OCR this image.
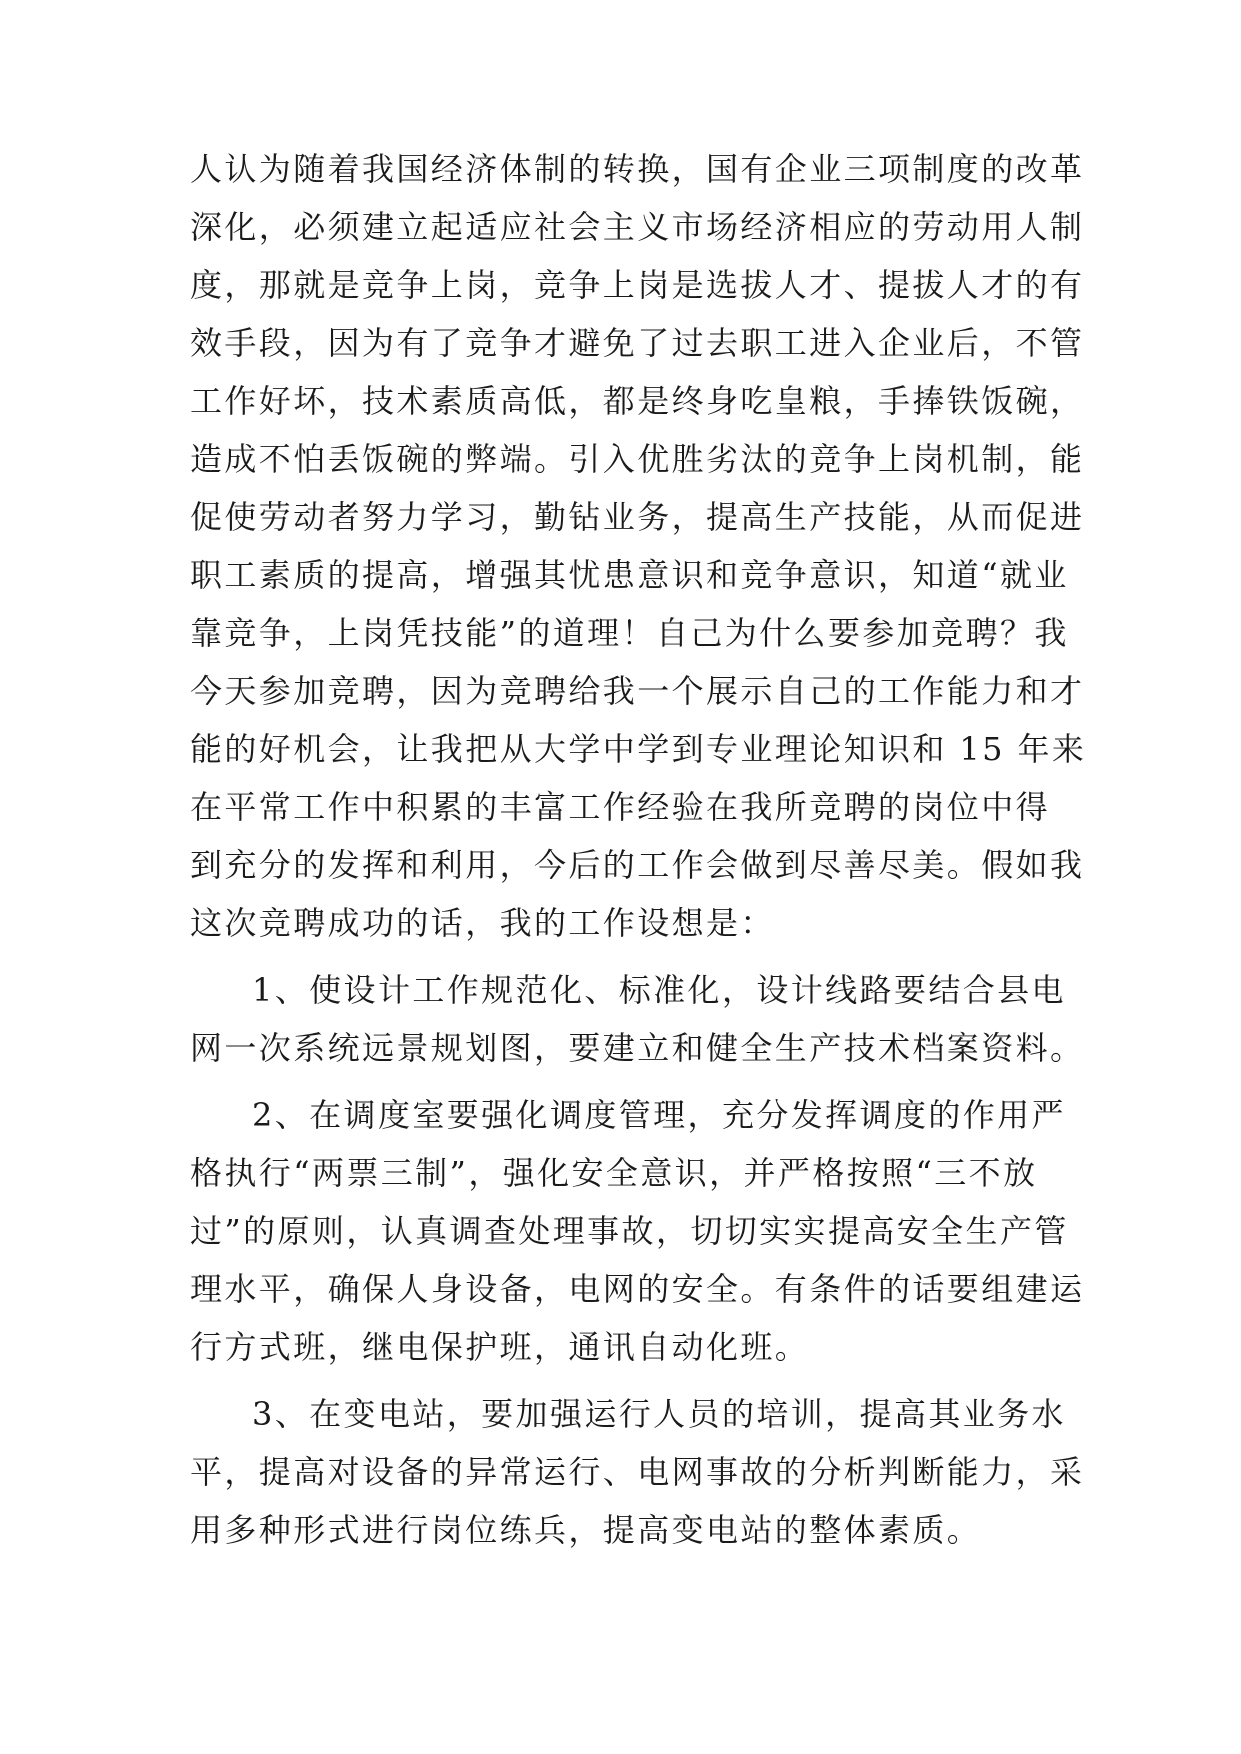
人认为随着我国经济体制的转换，国有企业三项制度的改革
深化，必须建立起适应社会主义市场经济相应的劳动用人制
度，那就是竞争上岗，竞争上岗是选拔人才、提拔人才的有
效手段，因为有了竞争才避免了过去职工进入企业后，不管
工作好坏，技术素质高低，都是终身吃皇粮，手捧铁饭碗，
造成不怕丢饭碗的弊端。引入优胜劣汰的竞争上岗机制，能
促使劳动者努力学习，勤钻业务，提高生产技能，从而促进
职工素质的提高，增强其忧患意识和竞争意识，知道“就业
靠竞争，上岗凭技能”的道理！自己为什么要参加竞聘？我
今天参加竞聘，因为竞聘给我一个展示自己的工作能力和才
能的好机会，让我把从大学中学到专业理论知识和 15 年来
在平常工作中积累的丰富工作经验在我所竞聘的岗位中得
到充分的发挥和利用，今后的工作会做到尽善尽美。假如我
这次竞聘成功的话，我的工作设想是：
1、使设计工作规范化、标准化，设计线路要结合县电
网一次系统远景规划图，要建立和健全生产技术档案资料。
2、在调度室要强化调度管理，充分发挥调度的作用严
格执行“两票三制”，强化安全意识，并严格按照“三不放
过”的原则，认真调查处理事故，切切实实提高安全生产管
理水平，确保人身设备，电网的安全。有条件的话要组建运
行方式班，继电保护班，通讯自动化班。
3、在变电站，要加强运行人员的培训，提高其业务水
平，提高对设备的异常运行、电网事故的分析判断能力，采
用多种形式进行岗位练兵，提高变电站的整体素质。
